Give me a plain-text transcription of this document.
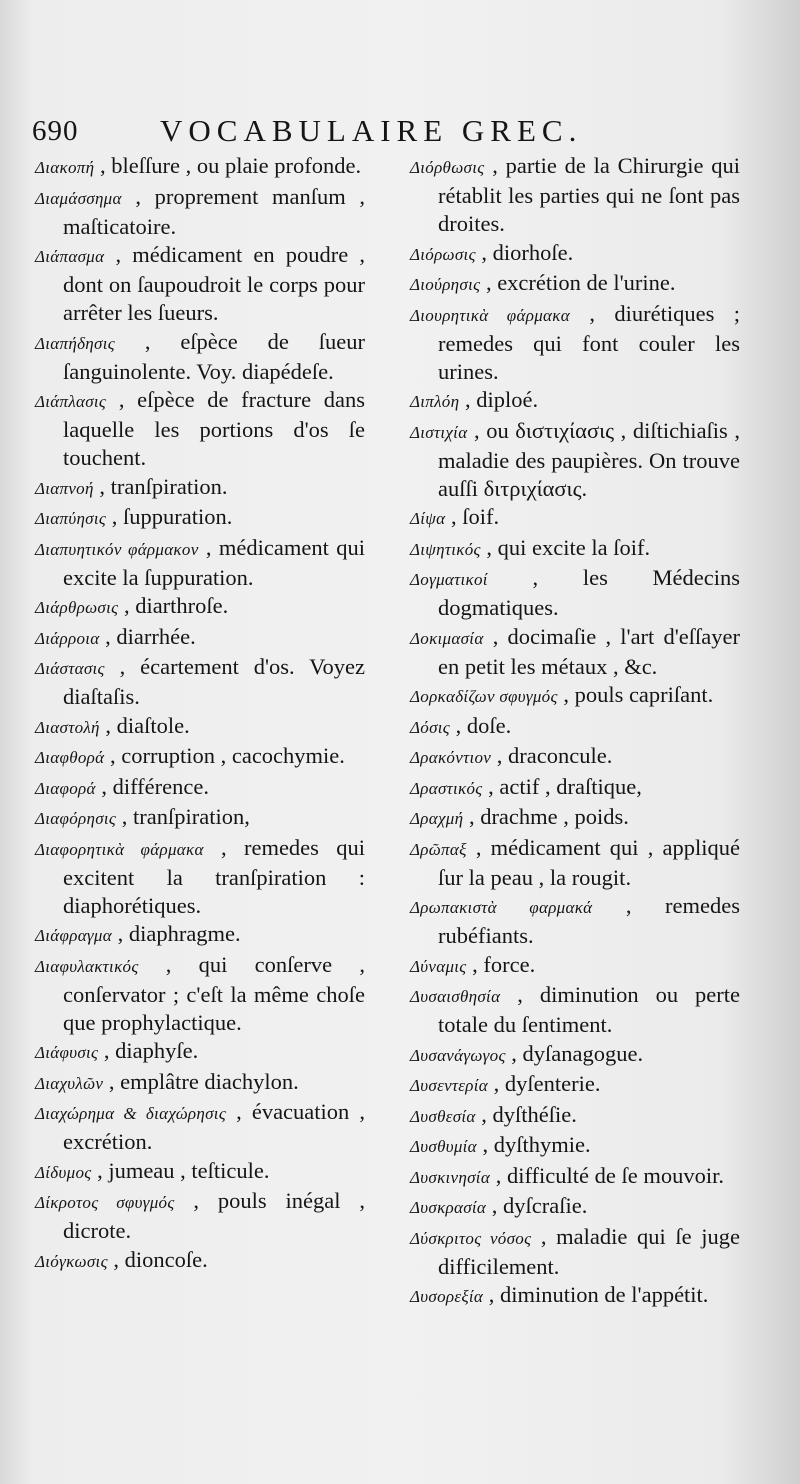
690	VOCABULAIRE GREC.

Διακοπή , bleſſure , ou plaie profonde.

Διαμάσσημα , proprement manſum , maſticatoire.

Διάπασμα , médicament en poudre , dont on ſaupoudroit le corps pour arrêter les ſueurs.

Διαπήδησις , eſpèce de ſueur ſanguinolente. Voy. diapédeſe.

Διάπλασις , eſpèce de fracture dans laquelle les portions d'os ſe touchent.

Διαπνοή , tranſpiration.

Διαπύησις , ſuppuration.

Διαπυητικόν φάρμακον , médicament qui excite la ſuppuration.

Διάρθρωσις , diarthroſe.

Διάρροια , diarrhée.

Διάστασις , écartement d'os. Voyez diaſtaſis.

Διαστολή , diaſtole.

Διαφθορά , corruption , cacochymie.

Διαφορά , différence.

Διαφόρησις , tranſpiration,

Διαφορητικὰ φάρμακα , remedes qui excitent la tranſpiration : diaphorétiques.

Διάφραγμα , diaphragme.

Διαφυλακτικός , qui conſerve , conſervator ; c'eſt la même choſe que prophylactique.

Διάφυσις , diaphyſe.

Διαχυλῶν , emplâtre diachylon.

Διαχώρημα & διαχώρησις , évacuation , excrétion.

Δίδυμος , jumeau , teſticule.

Δίκροτος σφυγμός , pouls inégal , dicrote.

Διόγκωσις , dioncoſe.

Διόρθωσις , partie de la Chirurgie qui rétablit les parties qui ne ſont pas droites.

Διόρωσις , diorhoſe.

Διούρησις , excrétion de l'urine.

Διουρητικὰ φάρμακα , diurétiques ; remedes qui font couler les urines.

Διπλόη , diploé.

Διστιχία , ou διστιχίασις , diſtichiaſis , maladie des paupières. On trouve auſſi διτριχίασις.

Δίψα , ſoif.

Διψητικός , qui excite la ſoif.

Δογματικοί , les Médecins dogmatiques.

Δοκιμασία , docimaſie , l'art d'eſſayer en petit les métaux , &c.

Δορκαδίζων σφυγμός , pouls capriſant.

Δόσις , doſe.

Δρακόντιον , draconcule.

Δραστικός , actif , draſtique,

Δραχμή , drachme , poids.

Δρῶπαξ , médicament qui , appliqué ſur la peau , la rougit.

Δρωπακιστὰ φαρμακά , remedes rubéfiants.

Δύναμις , force.

Δυσαισθησία , diminution ou perte totale du ſentiment.

Δυσανάγωγος , dyſanagogue.

Δυσεντερία , dyſenterie.

Δυσθεσία , dyſthéſie.

Δυσθυμία , dyſthymie.

Δυσκινησία , difficulté de ſe mouvoir.

Δυσκρασία , dyſcraſie.

Δύσκριτος νόσος , maladie qui ſe juge difficilement.

Δυσορεξία , diminution de l'appétit.
